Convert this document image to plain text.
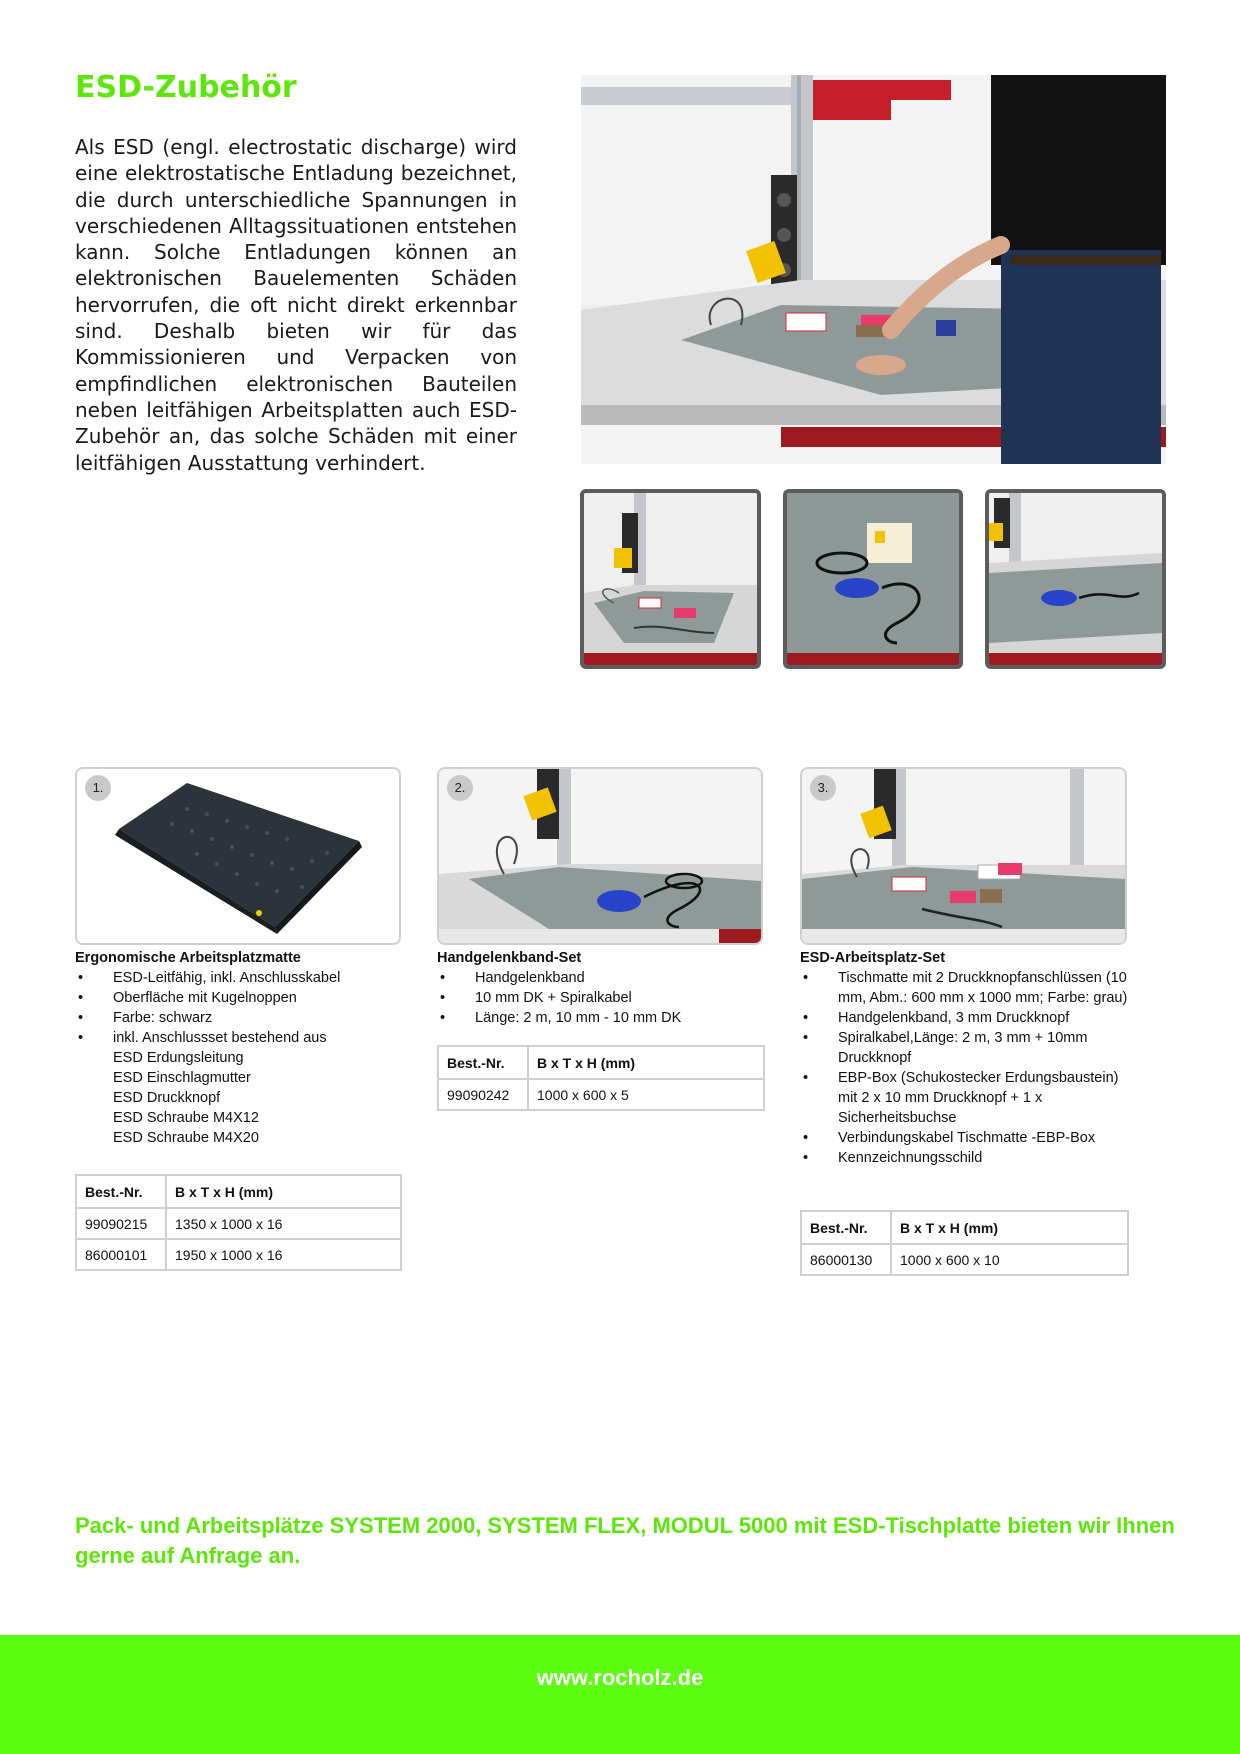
ESD-Zubehör

Als ESD (engl. electrostatic discharge) wird eine elektrostatische Entladung bezeichnet, die durch unterschiedliche Spannungen in verschiedenen Alltagssituationen entstehen kann. Solche Entladungen können an elektronischen Bauelementen Schäden hervorrufen, die oft nicht direkt erkennbar sind. Deshalb bieten wir für das Kommissionieren und Verpacken von empfindlichen elektronischen Bauteilen neben leitfähigen Arbeitsplatten auch ESD-Zubehör an, das solche Schäden mit einer leitfähigen Ausstattung verhindert.

1.

Ergonomische Arbeitsplatzmatte

• ESD-Leitfähig, inkl. Anschlusskabel
• Oberfläche mit Kugelnoppen
• Farbe: schwarz
• inkl. Anschlussset bestehend aus
ESD Erdungsleitung
ESD Einschlagmutter
ESD Druckknopf
ESD Schraube M4X12
ESD Schraube M4X20
Best.-Nr.	B x T x H (mm)
99090215	1350 x 1000 x 16
86000101	1950 x 1000 x 16
2.

Handgelenkband-Set

• Handgelenkband
• 10 mm DK + Spiralkabel
• Länge: 2 m, 10 mm - 10 mm DK
Best.-Nr.	B x T x H (mm)
99090242	1000 x 600 x 5
3.

ESD-Arbeitsplatz-Set

• Tischmatte mit 2 Druckknopfanschlüssen (10 mm, Abm.: 600 mm x 1000 mm; Farbe: grau)
• Handgelenkband, 3 mm Druckknopf
• Spiralkabel,Länge: 2 m, 3 mm + 10mm Druckknopf
• EBP-Box (Schukostecker Erdungsbaustein) mit 2 x 10 mm Druckknopf + 1 x Sicherheitsbuchse
• Verbindungskabel Tischmatte -EBP-Box
• Kennzeichnungsschild
Best.-Nr.	B x T x H (mm)
86000130	1000 x 600 x 10

Pack- und Arbeitsplätze SYSTEM 2000, SYSTEM FLEX, MODUL 5000 mit ESD-Tischplatte bieten wir Ihnen gerne auf Anfrage an.

www.rocholz.de
